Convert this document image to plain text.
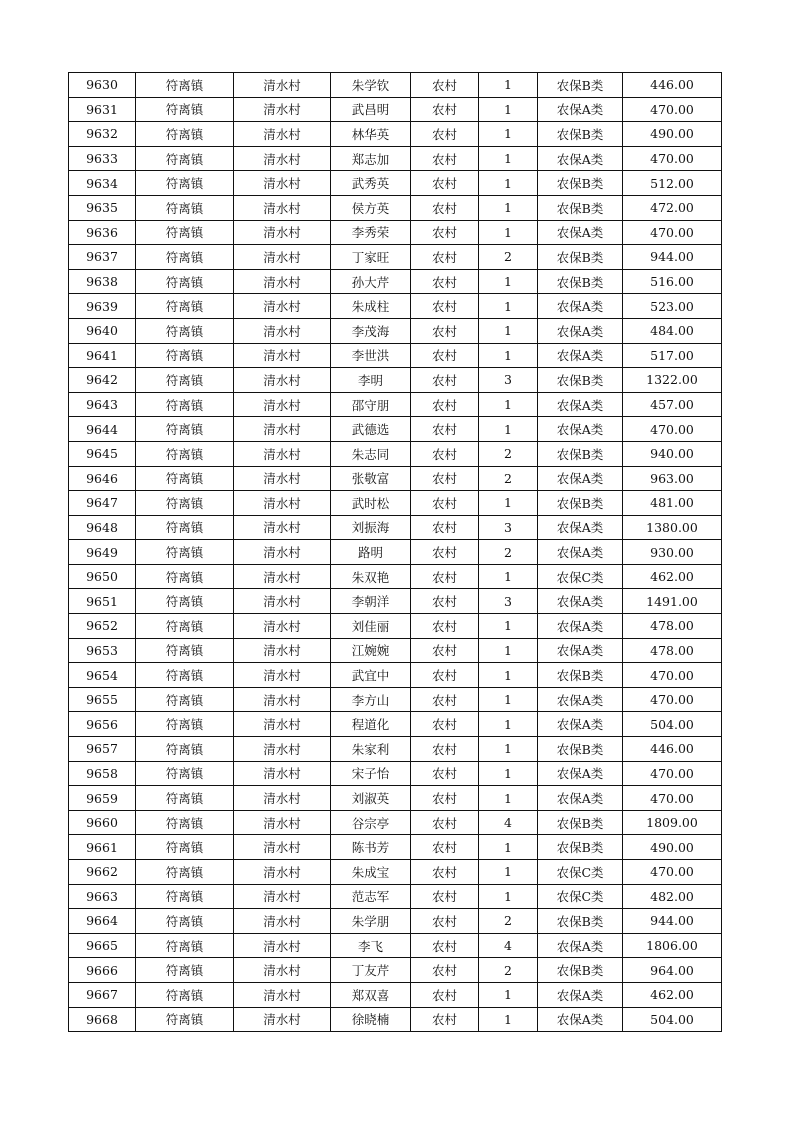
9630	符离镇	清水村	朱学钦	农村	1	农保B类	446.00
9631	符离镇	清水村	武昌明	农村	1	农保A类	470.00
9632	符离镇	清水村	林华英	农村	1	农保B类	490.00
9633	符离镇	清水村	郑志加	农村	1	农保A类	470.00
9634	符离镇	清水村	武秀英	农村	1	农保B类	512.00
9635	符离镇	清水村	侯方英	农村	1	农保B类	472.00
9636	符离镇	清水村	李秀荣	农村	1	农保A类	470.00
9637	符离镇	清水村	丁家旺	农村	2	农保B类	944.00
9638	符离镇	清水村	孙大芹	农村	1	农保B类	516.00
9639	符离镇	清水村	朱成柱	农村	1	农保A类	523.00
9640	符离镇	清水村	李茂海	农村	1	农保A类	484.00
9641	符离镇	清水村	李世洪	农村	1	农保A类	517.00
9642	符离镇	清水村	李明	农村	3	农保B类	1322.00
9643	符离镇	清水村	邵守朋	农村	1	农保A类	457.00
9644	符离镇	清水村	武德选	农村	1	农保A类	470.00
9645	符离镇	清水村	朱志同	农村	2	农保B类	940.00
9646	符离镇	清水村	张敬富	农村	2	农保A类	963.00
9647	符离镇	清水村	武时松	农村	1	农保B类	481.00
9648	符离镇	清水村	刘振海	农村	3	农保A类	1380.00
9649	符离镇	清水村	路明	农村	2	农保A类	930.00
9650	符离镇	清水村	朱双艳	农村	1	农保C类	462.00
9651	符离镇	清水村	李朝洋	农村	3	农保A类	1491.00
9652	符离镇	清水村	刘佳丽	农村	1	农保A类	478.00
9653	符离镇	清水村	江婉婉	农村	1	农保A类	478.00
9654	符离镇	清水村	武宜中	农村	1	农保B类	470.00
9655	符离镇	清水村	李方山	农村	1	农保A类	470.00
9656	符离镇	清水村	程道化	农村	1	农保A类	504.00
9657	符离镇	清水村	朱家利	农村	1	农保B类	446.00
9658	符离镇	清水村	宋子怡	农村	1	农保A类	470.00
9659	符离镇	清水村	刘淑英	农村	1	农保A类	470.00
9660	符离镇	清水村	谷宗亭	农村	4	农保B类	1809.00
9661	符离镇	清水村	陈书芳	农村	1	农保B类	490.00
9662	符离镇	清水村	朱成宝	农村	1	农保C类	470.00
9663	符离镇	清水村	范志军	农村	1	农保C类	482.00
9664	符离镇	清水村	朱学朋	农村	2	农保B类	944.00
9665	符离镇	清水村	李飞	农村	4	农保A类	1806.00
9666	符离镇	清水村	丁友芹	农村	2	农保B类	964.00
9667	符离镇	清水村	郑双喜	农村	1	农保A类	462.00
9668	符离镇	清水村	徐晓楠	农村	1	农保A类	504.00
